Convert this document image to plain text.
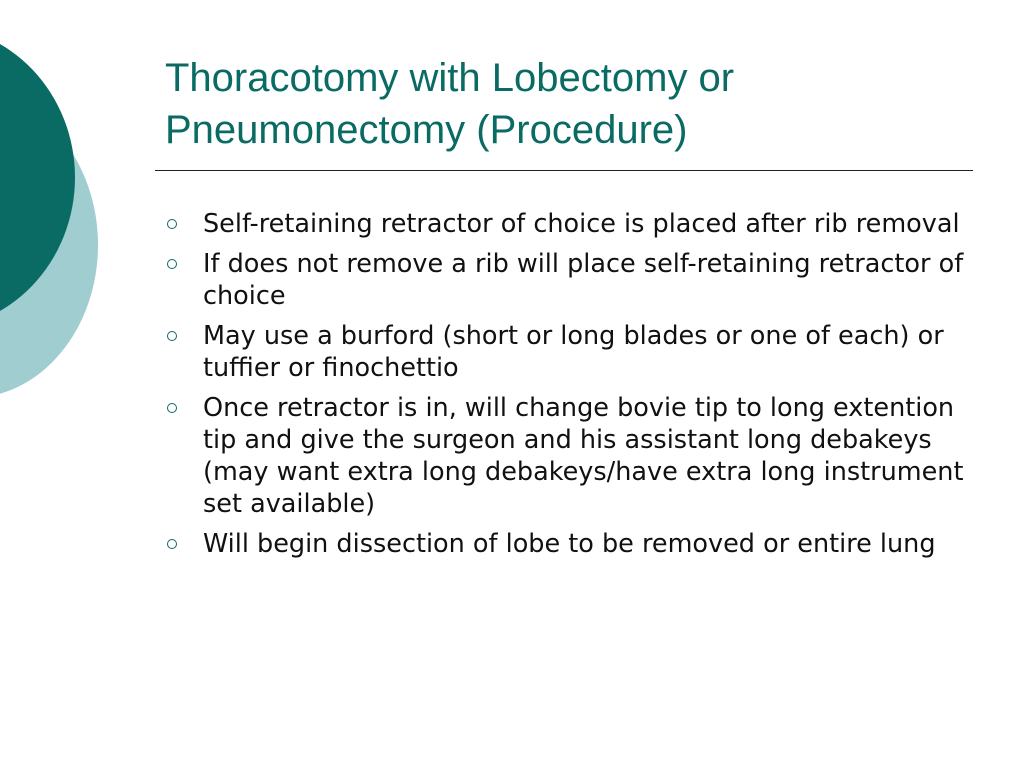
Thoracotomy with Lobectomy or
Pneumonectomy (Procedure)
Self-retaining retractor of choice is placed after rib removal
If does not remove a rib will place self-retaining retractor of choice
May use a burford (short or long blades or one of each) or tuffier or finochettio
Once retractor is in, will change bovie tip to long extention tip and give the surgeon and his assistant long debakeys (may want extra long debakeys/have extra long instrument set available)
Will begin dissection of lobe to be removed or entire lung
